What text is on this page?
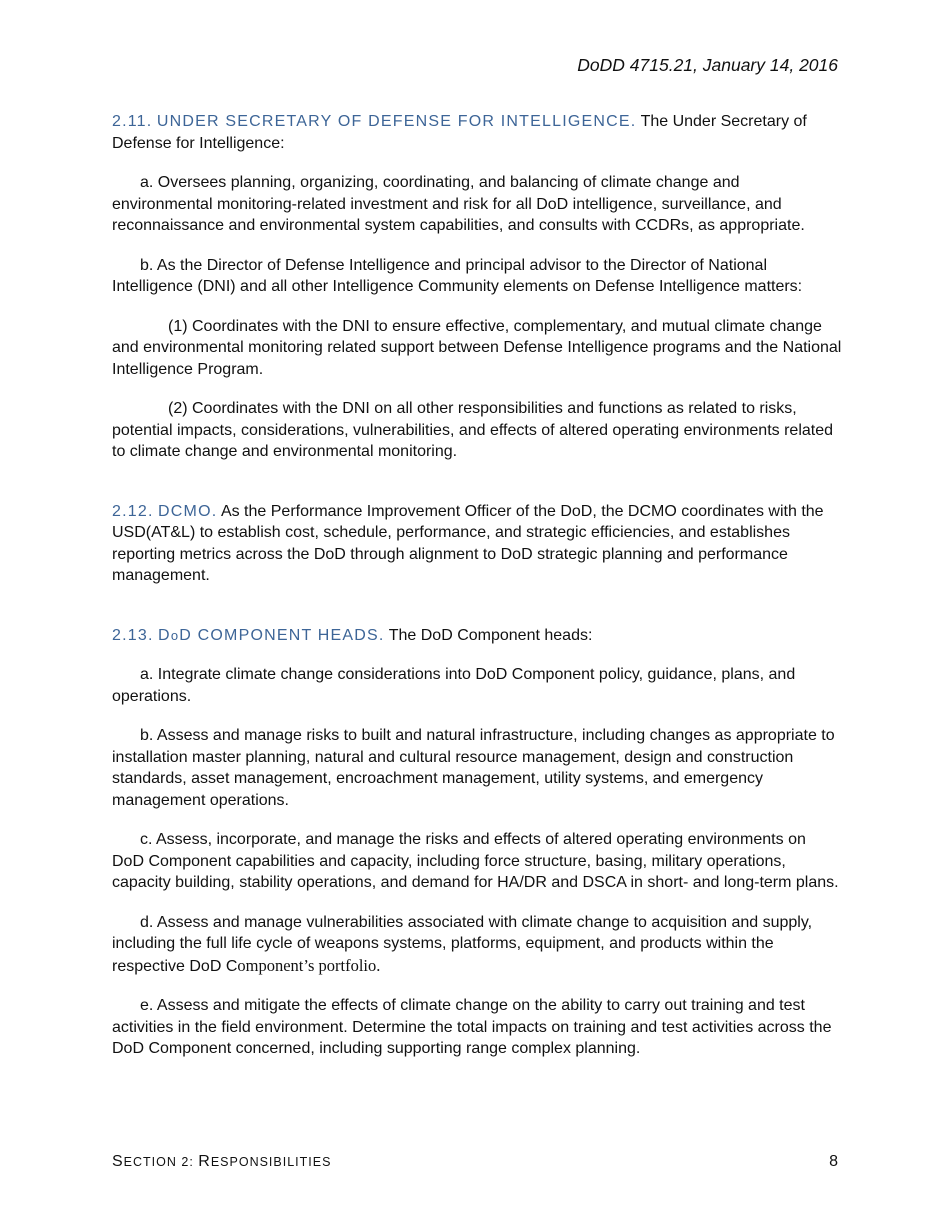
DoDD 4715.21, January 14, 2016

2.11. UNDER SECRETARY OF DEFENSE FOR INTELLIGENCE. The Under Secretary of Defense for Intelligence:

a. Oversees planning, organizing, coordinating, and balancing of climate change and environmental monitoring-related investment and risk for all DoD intelligence, surveillance, and reconnaissance and environmental system capabilities, and consults with CCDRs, as appropriate.

b. As the Director of Defense Intelligence and principal advisor to the Director of National Intelligence (DNI) and all other Intelligence Community elements on Defense Intelligence matters:

(1) Coordinates with the DNI to ensure effective, complementary, and mutual climate change and environmental monitoring related support between Defense Intelligence programs and the National Intelligence Program.

(2) Coordinates with the DNI on all other responsibilities and functions as related to risks, potential impacts, considerations, vulnerabilities, and effects of altered operating environments related to climate change and environmental monitoring.

2.12. DCMO. As the Performance Improvement Officer of the DoD, the DCMO coordinates with the USD(AT&L) to establish cost, schedule, performance, and strategic efficiencies, and establishes reporting metrics across the DoD through alignment to DoD strategic planning and performance management.

2.13. DoD COMPONENT HEADS. The DoD Component heads:

a. Integrate climate change considerations into DoD Component policy, guidance, plans, and operations.

b. Assess and manage risks to built and natural infrastructure, including changes as appropriate to installation master planning, natural and cultural resource management, design and construction standards, asset management, encroachment management, utility systems, and emergency management operations.

c. Assess, incorporate, and manage the risks and effects of altered operating environments on DoD Component capabilities and capacity, including force structure, basing, military operations, capacity building, stability operations, and demand for HA/DR and DSCA in short- and long-term plans.

d. Assess and manage vulnerabilities associated with climate change to acquisition and supply, including the full life cycle of weapons systems, platforms, equipment, and products within the respective DoD Component’s portfolio.

e. Assess and mitigate the effects of climate change on the ability to carry out training and test activities in the field environment. Determine the total impacts on training and test activities across the DoD Component concerned, including supporting range complex planning.

SECTION 2: RESPONSIBILITIES	8
